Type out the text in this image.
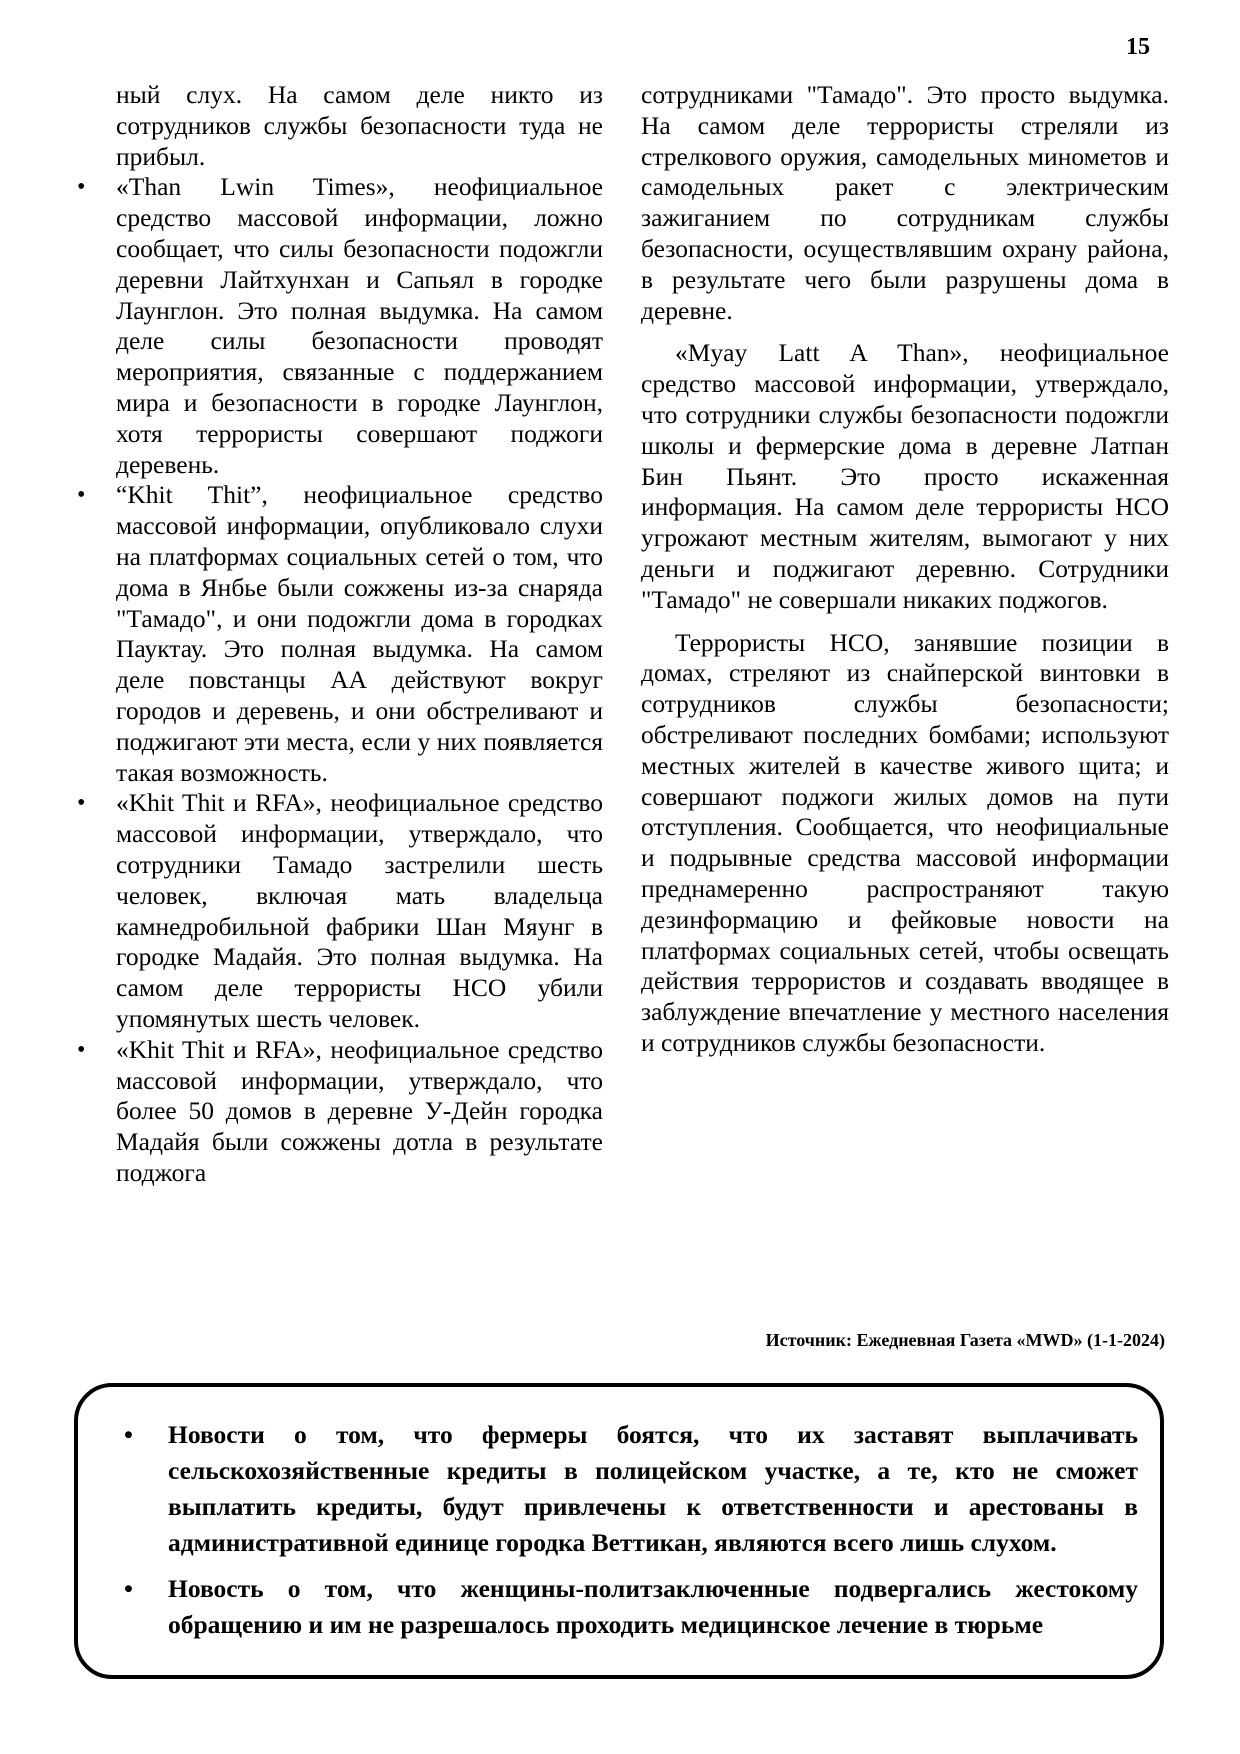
15

ный слух. На самом деле никто из сотрудников службы безопасности туда не прибыл.

• «Than Lwin Times», неофициальное средство массовой информации, ложно сообщает, что силы безопасности подожгли деревни Лайтхунхан и Сапьял в городке Лаунглон. Это полная выдумка. На самом деле силы безопасности проводят мероприятия, связанные с поддержанием мира и безопасности в городке Лаунглон, хотя террористы совершают поджоги деревень.
• “Khit Thit”, неофициальное средство массовой информации, опубликовало слухи на платформах социальных сетей о том, что дома в Янбье были сожжены из-за снаряда "Тамадо", и они подожгли дома в городках Пауктау. Это полная выдумка. На самом деле повстанцы АА действуют вокруг городов и деревень, и они обстреливают и поджигают эти места, если у них появляется такая возможность.
• «Khit Thit и RFA», неофициальное средство массовой информации, утверждало, что сотрудники Тамадо застрелили шесть человек, включая мать владельца камнедробильной фабрики Шан Мяунг в городке Мадайя. Это полная выдумка. На самом деле террористы НСО убили упомянутых шесть человек.
• «Khit Thit и RFA», неофициальное средство массовой информации, утверждало, что более 50 домов в деревне У-Дейн городка Мадайя были сожжены дотла в результате поджога

сотрудниками "Тамадо". Это просто выдумка. На самом деле террористы стреляли из стрелкового оружия, самодельных минометов и самодельных ракет с электрическим зажиганием по сотрудникам службы безопасности, осуществлявшим охрану района, в результате чего были разрушены дома в деревне.

«Myay Latt A Than», неофициальное средство массовой информации, утверждало, что сотрудники службы безопасности подожгли школы и фермерские дома в деревне Латпан Бин Пьянт. Это просто искаженная информация. На самом деле террористы НСО угрожают местным жителям, вымогают у них деньги и поджигают деревню. Сотрудники "Тамадо" не совершали никаких поджогов.

Террористы НСО, занявшие позиции в домах, стреляют из снайперской винтовки в сотрудников службы безопасности; обстреливают последних бомбами; используют местных жителей в качестве живого щита; и совершают поджоги жилых домов на пути отступления. Сообщается, что неофициальные и подрывные средства массовой информации преднамеренно распространяют такую дезинформацию и фейковые новости на платформах социальных сетей, чтобы освещать действия террористов и создавать вводящее в заблуждение впечатление у местного населения и сотрудников службы безопасности.

Источник: Ежедневная Газета «MWD» (1-1-2024)
• Новости о том, что фермеры боятся, что их заставят выплачивать сельскохозяйственные кредиты в полицейском участке, а те, кто не сможет выплатить кредиты, будут привлечены к ответственности и арестованы в административной единице городка Веттикан, являются всего лишь слухом.
• Новость о том, что женщины-политзаключенные подвергались жестокому обращению и им не разрешалось проходить медицинское лечение в тюрьме
